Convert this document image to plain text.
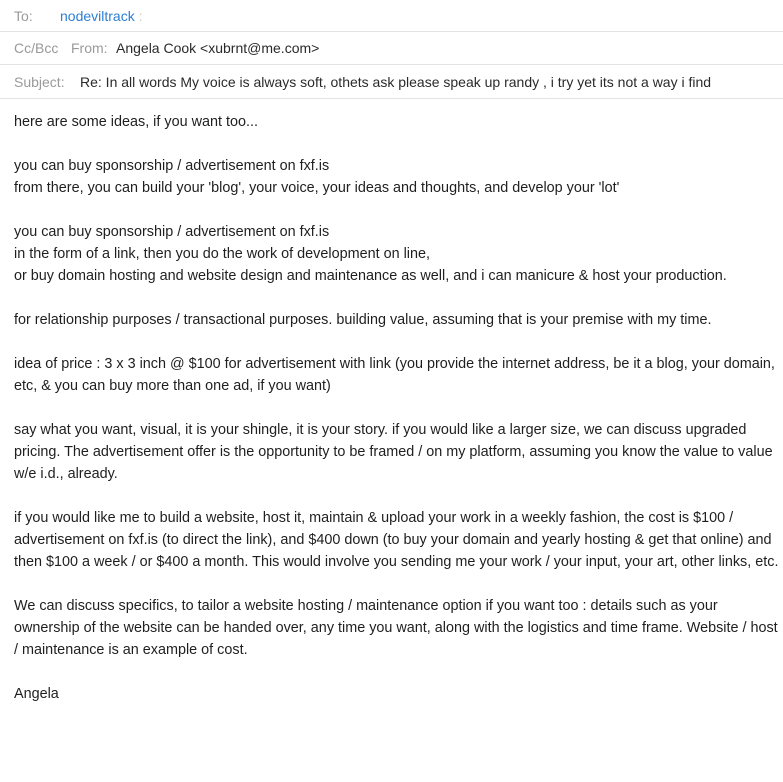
To: nodeviltrack :
Cc/Bcc From: Angela Cook <xubrnt@me.com>
Subject: Re: In all words My voice is always soft, othets ask please speak up randy , i try yet its not a way i find

here are some ideas, if you want too...

you can buy sponsorship / advertisement on fxf.is
from there, you can build your 'blog', your voice, your ideas and thoughts, and develop your 'lot'

you can buy sponsorship / advertisement on fxf.is
in the form of a link, then you do the work of development on line,
or buy domain hosting and website design and maintenance as well, and i can manicure & host your production.

for relationship purposes / transactional purposes. building value, assuming that is your premise with my time.

idea of price : 3 x 3 inch @ $100 for advertisement with link (you provide the internet address, be it a blog, your domain, etc, & you can buy more than one ad, if you want)

say what you want, visual, it is your shingle, it is your story. if you would like a larger size, we can discuss upgraded pricing. The advertisement offer is the opportunity to be framed / on my platform, assuming you know the value to value w/e i.d., already.

if you would like me to build a website, host it, maintain & upload your work in a weekly fashion, the cost is $100 / advertisement on fxf.is (to direct the link), and $400 down (to buy your domain and yearly hosting & get that online) and then $100 a week / or $400 a month. This would involve you sending me your work / your input, your art, other links, etc.

We can discuss specifics, to tailor a website hosting / maintenance option if you want too : details such as your ownership of the website can be handed over, any time you want, along with the logistics and time frame. Website / host / maintenance is an example of cost.

Angela
